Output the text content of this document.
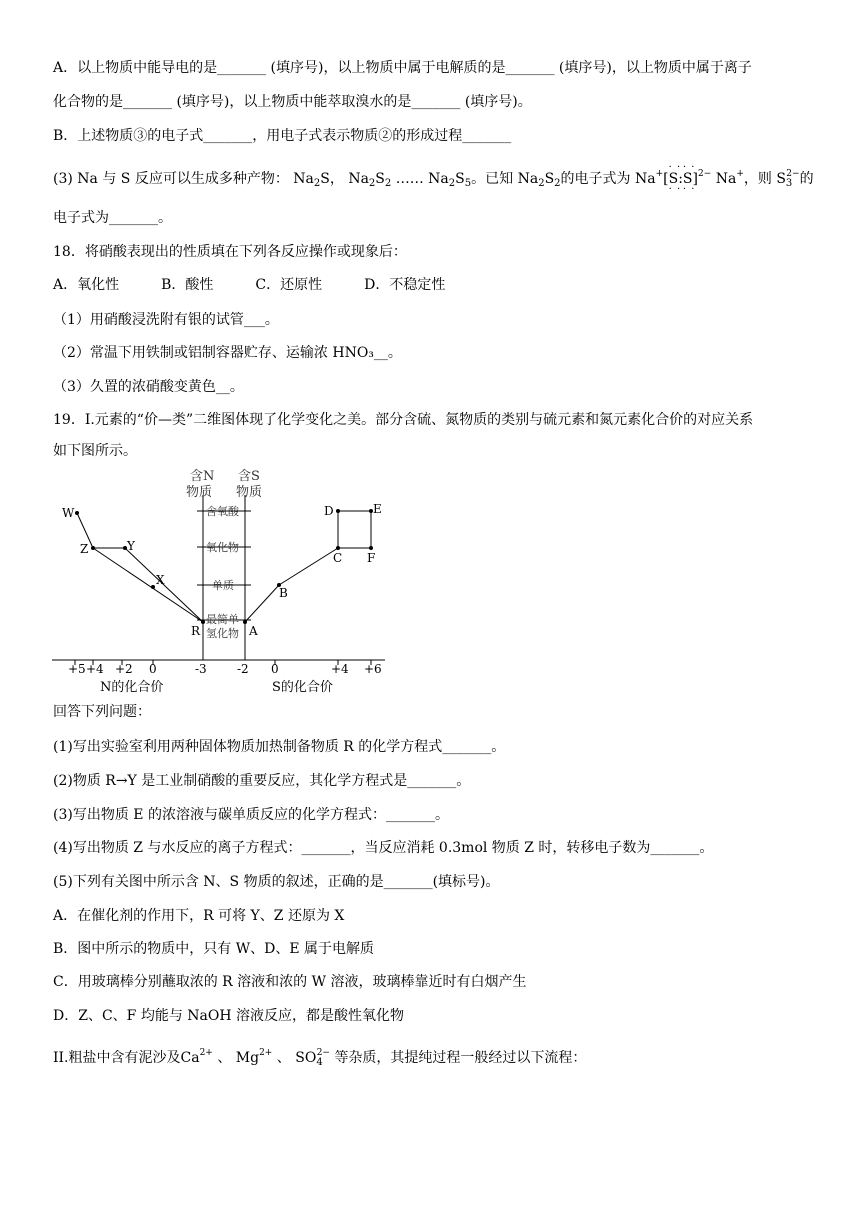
A．以上物质中能导电的是_______ (填序号)，以上物质中属于电解质的是_______ (填序号)，以上物质中属于离子
化合物的是_______ (填序号)，以上物质中能萃取溴水的是_______ (填序号)。
B．上述物质③的电子式_______，用电子式表示物质②的形成过程_______
(3) Na 与 S 反应可以生成多种产物： $Na_2S$， $Na_2S_2$ …… $Na_2S_5$。已知 $Na_2S_2$的电子式为 Na+[· · S · ·:· · S · ·]$^{2-}$ Na+，则 $S_3^{2-}$的
电子式为_______。
18．将硝酸表现出的性质填在下列各反应操作或现象后：
A．氧化性　　　B．酸性　　　C．还原性　　　D．不稳定性
（1）用硝酸浸洗附有银的试管___。
（2）常温下用铁制或铝制容器贮存、运输浓 HNO₃__。
（3）久置的浓硝酸变黄色__。
19．I.元素的“价—类”二维图体现了化学变化之美。部分含硫、氮物质的类别与硫元素和氮元素化合价的对应关系
如下图所示。
含N
物质
含S
物质
含氧酸
氧化物
单质
最简单
氢化物
W
Z	Y
X
R	A
B
C
D	E
F
+5 +4 +2 0	-3	-2 0	+4 +6
N的化合价	S的化合价
回答下列问题：
(1)写出实验室利用两种固体物质加热制备物质 R 的化学方程式_______。
(2)物质 R→Y 是工业制硝酸的重要反应，其化学方程式是_______。
(3)写出物质 E 的浓溶液与碳单质反应的化学方程式：_______。
(4)写出物质 Z 与水反应的离子方程式：_______，当反应消耗 0.3mol 物质 Z 时，转移电子数为_______。
(5)下列有关图中所示含 N、S 物质的叙述，正确的是_______(填标号)。
A．在催化剂的作用下，R 可将 Y、Z 还原为 X
B．图中所示的物质中，只有 W、D、E 属于电解质
C．用玻璃棒分别蘸取浓的 R 溶液和浓的 W 溶液，玻璃棒靠近时有白烟产生
D．Z、C、F 均能与 NaOH 溶液反应，都是酸性氧化物
II.粗盐中含有泥沙及$Ca^{2+}$ 、 $Mg^{2+}$ 、 $SO_4^{2-}$ 等杂质，其提纯过程一般经过以下流程：
